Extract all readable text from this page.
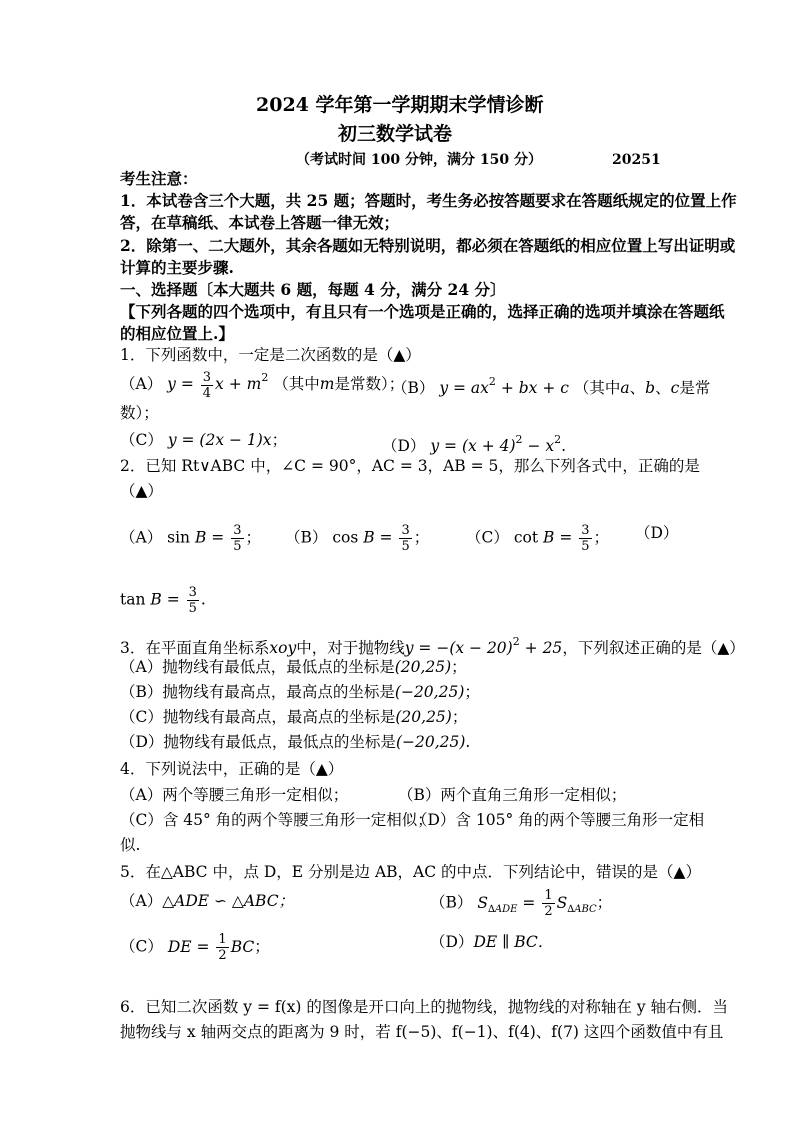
2024 学年第一学期期末学情诊断
初三数学试卷
（考试时间 100 分钟，满分 150 分）	20251
考生注意：
1．本试卷含三个大题，共 25 题；答题时，考生务必按答题要求在答题纸规定的位置上作
答，在草稿纸、本试卷上答题一律无效；
2．除第一、二大题外，其余各题如无特别说明，都必须在答题纸的相应位置上写出证明或
计算的主要步骤.
一、选择题〔本大题共 6 题，每题 4 分，满分 24 分〕
【下列各题的四个选项中，有且只有一个选项是正确的，选择正确的选项并填涂在答题纸
的相应位置上.】
1．下列函数中，一定是二次函数的是（▲）
（A） $y = \frac{3}{4}$ $x + m^2$ （其中m是常数）；
（B） $y = ax^2$ + bx + c （其中a、b、c是常
数）；
（C） y = (2x − 1)x；	（D） $y = (x + 4)^2 - x^2$.
2．已知 Rt∨ABC 中，∠C = 90°，AC = 3，AB = 5，那么下列各式中，正确的是
（▲）
（A） $\sin B = \frac{3}{5}$ ； （B） $\cos B = \frac{3}{5}$ ； （C） $\cot B = \frac{3}{5}$ ； （D）
$\tan B = \frac{3}{5}$ .
3．在平面直角坐标系xoy中，对于抛物线$y = -(x - 20)^2 + 25$，下列叙述正确的是（▲）
（A）抛物线有最低点，最低点的坐标是(20,25)；
（B）抛物线有最高点，最高点的坐标是(−20,25)；
（C）抛物线有最高点，最高点的坐标是(20,25)；
（D）抛物线有最低点，最低点的坐标是(−20,25).
4．下列说法中，正确的是（▲）
（A）两个等腰三角形一定相似；	（B）两个直角三角形一定相似；
（C）含 45° 角的两个等腰三角形一定相似；
（D）含 105° 角的两个等腰三角形一定相
似.
5．在△ABC 中，点 D，E 分别是边 AB，AC 的中点．下列结论中，错误的是（▲）
（A）△ADE ∽ △ABC；	（B） $S_{\Delta ADE} = \frac{1}{2} S_{\Delta ABC}$；
（C） DE = $\frac{1}{2}$ BC；	（D）DE ∥ BC．
6．已知二次函数 y = f(x) 的图像是开口向上的抛物线，抛物线的对称轴在 y 轴右侧．当
抛物线与 x 轴两交点的距离为 9 时，若 f(−5)、f(−1)、f(4)、f(7) 这四个函数值中有且
